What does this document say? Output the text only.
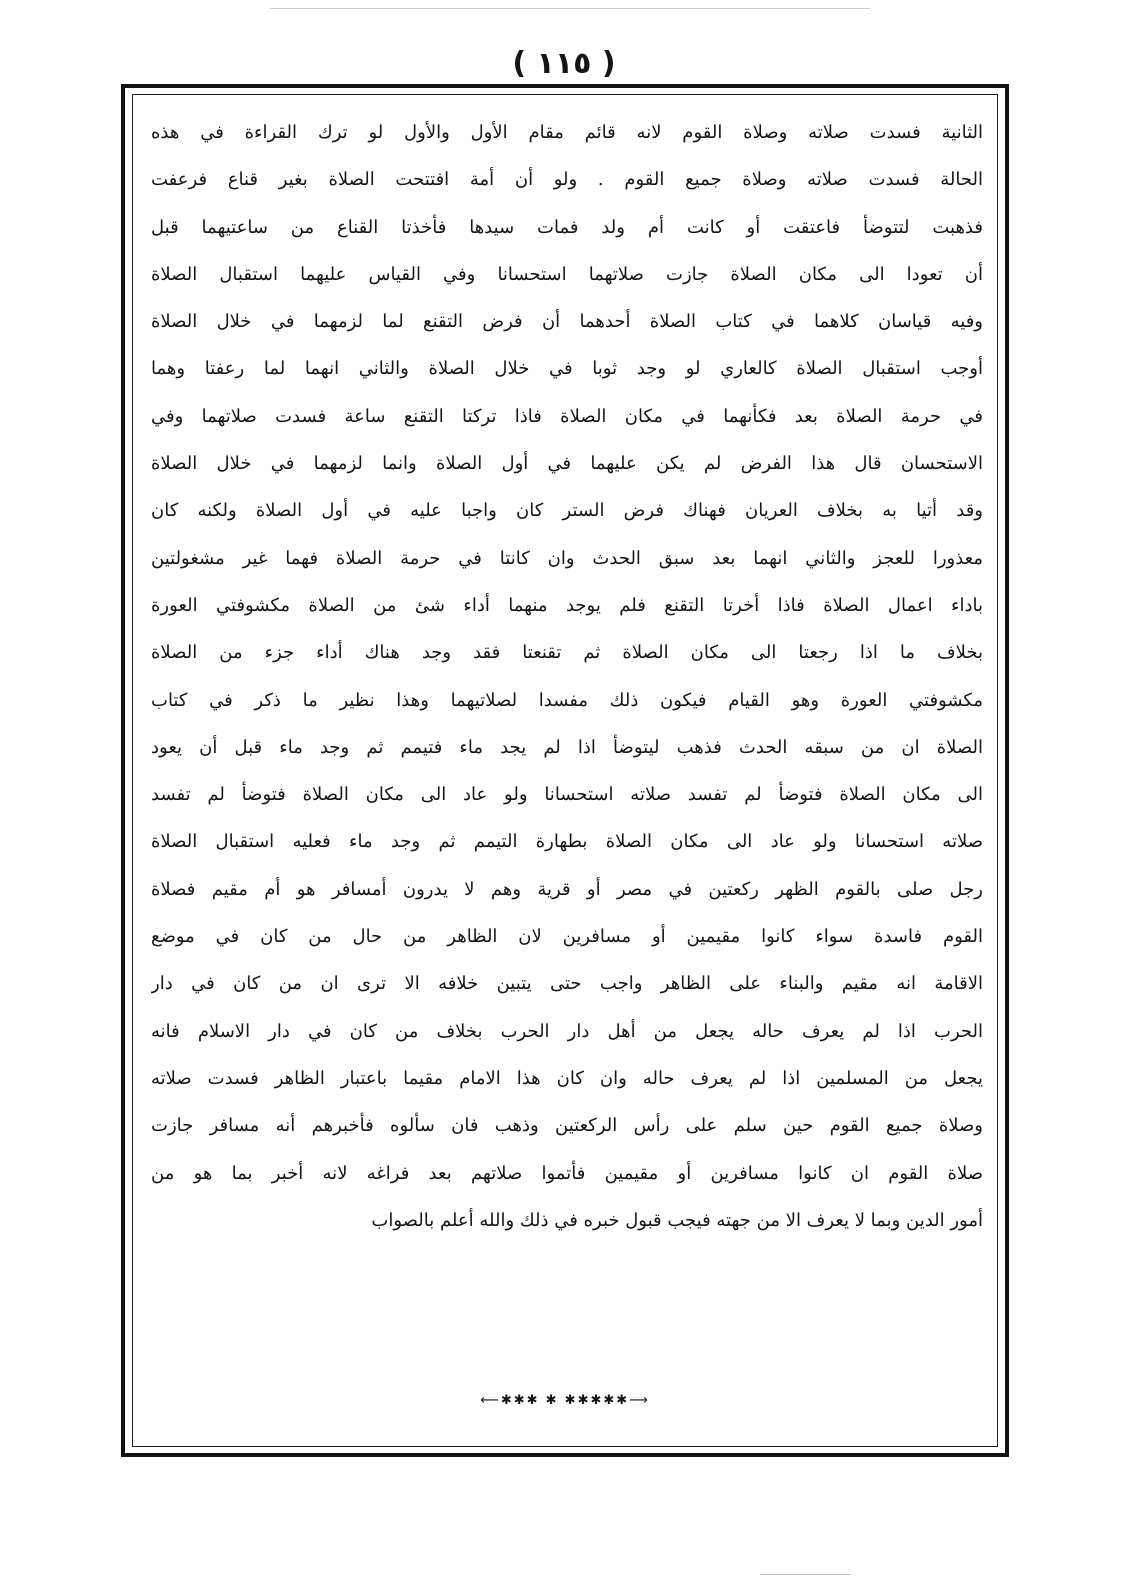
( ١١٥ )
الثانية فسدت صلاته وصلاة القوم لانه قائم مقام الأول والأول لو ترك القراءة في هذه
الحالة فسدت صلاته وصلاة جميع القوم . ولو أن أمة افتتحت الصلاة بغير قناع فرعفت
فذهبت لتتوضأ فاعتقت أو كانت أم ولد فمات سيدها فأخذتا القناع من ساعتيهما قبل
أن تعودا الى مكان الصلاة جازت صلاتهما استحسانا وفي القياس عليهما استقبال الصلاة
وفيه قياسان كلاهما في كتاب الصلاة أحدهما أن فرض التقنع لما لزمهما في خلال الصلاة
أوجب استقبال الصلاة كالعاري لو وجد ثوبا في خلال الصلاة والثاني انهما لما رعفتا وهما
في حرمة الصلاة بعد فكأنهما في مكان الصلاة فاذا تركتا التقنع ساعة فسدت صلاتهما وفي
الاستحسان قال هذا الفرض لم يكن عليهما في أول الصلاة وانما لزمهما في خلال الصلاة
وقد أتيا به بخلاف العريان فهناك فرض الستر كان واجبا عليه في أول الصلاة ولكنه كان
معذورا للعجز والثاني انهما بعد سبق الحدث وان كانتا في حرمة الصلاة فهما غير مشغولتين
باداء اعمال الصلاة فاذا أخرتا التقنع فلم يوجد منهما أداء شئ من الصلاة مكشوفتي العورة
بخلاف ما اذا رجعتا الى مكان الصلاة ثم تقنعتا فقد وجد هناك أداء جزء من الصلاة
مكشوفتي العورة وهو القيام فيكون ذلك مفسدا لصلاتيهما وهذا نظير ما ذكر في كتاب
الصلاة ان من سبقه الحدث فذهب ليتوضأ اذا لم يجد ماء فتيمم ثم وجد ماء قبل أن يعود
الى مكان الصلاة فتوضأ لم تفسد صلاته استحسانا ولو عاد الى مكان الصلاة فتوضأ لم تفسد
صلاته استحسانا ولو عاد الى مكان الصلاة بطهارة التيمم ثم وجد ماء فعليه استقبال الصلاة
رجل صلى بالقوم الظهر ركعتين في مصر أو قرية وهم لا يدرون أمسافر هو أم مقيم فصلاة
القوم فاسدة سواء كانوا مقيمين أو مسافرين لان الظاهر من حال من كان في موضع
الاقامة انه مقيم والبناء على الظاهر واجب حتى يتبين خلافه الا ترى ان من كان في دار
الحرب اذا لم يعرف حاله يجعل من أهل دار الحرب بخلاف من كان في دار الاسلام فانه
يجعل من المسلمين اذا لم يعرف حاله وان كان هذا الامام مقيما باعتبار الظاهر فسدت صلاته
وصلاة جميع القوم حين سلم على رأس الركعتين وذهب فان سألوه فأخبرهم أنه مسافر جازت
صلاة القوم ان كانوا مسافرين أو مقيمين فأتموا صلاتهم بعد فراغه لانه أخبر بما هو من
أمور الدين وبما لا يعرف الا من جهته فيجب قبول خبره في ذلك والله أعلم بالصواب
⟵✱✱✱ ✱ ✱✱✱✱✱⟶
